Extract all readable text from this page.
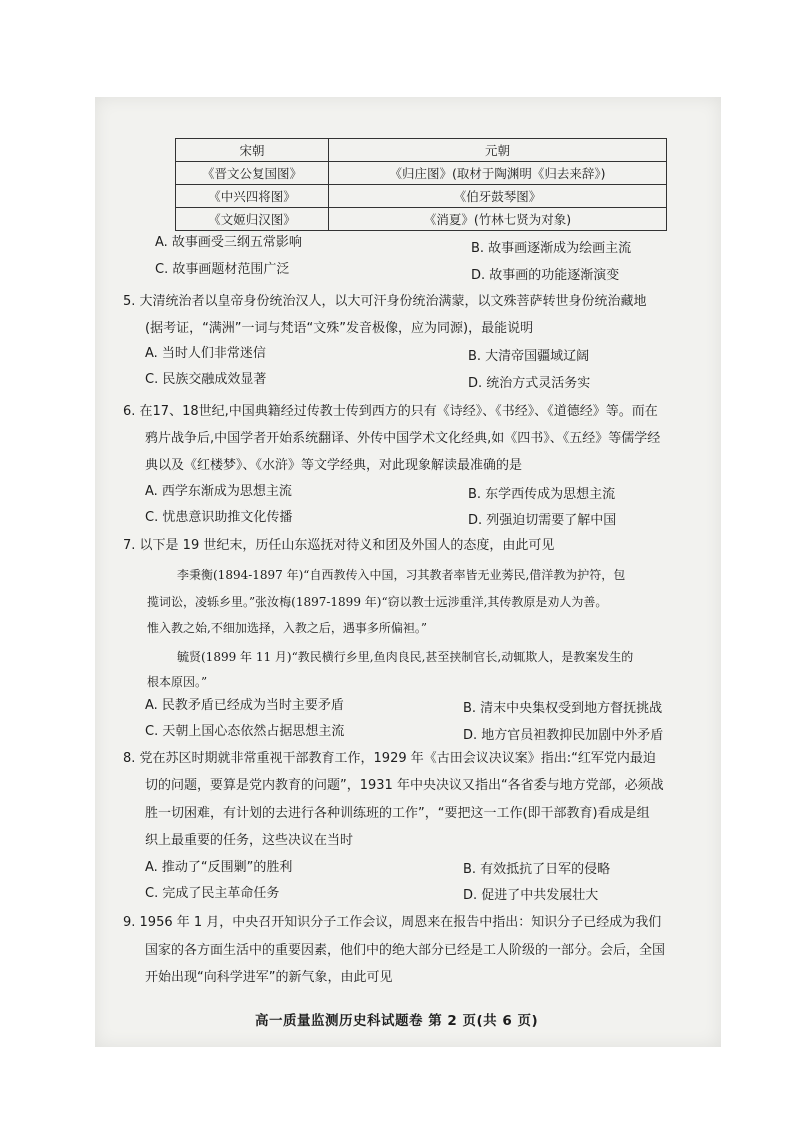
宋朝	元朝
《晋文公复国图》	《归庄图》(取材于陶渊明《归去来辞》)
《中兴四将图》	《伯牙鼓琴图》
《文姬归汉图》	《消夏》(竹林七贤为对象)
A. 故事画受三纲五常影响	B. 故事画逐渐成为绘画主流
C. 故事画题材范围广泛	D. 故事画的功能逐渐演变
5. 大清统治者以皇帝身份统治汉人，以大可汗身份统治满蒙，以文殊菩萨转世身份统治藏地
(据考证，“满洲”一词与梵语“文殊”发音极像，应为同源)，最能说明
A. 当时人们非常迷信	B. 大清帝国疆域辽阔
C. 民族交融成效显著	D. 统治方式灵活务实
6. 在17、18世纪,中国典籍经过传教士传到西方的只有《诗经》、《书经》、《道德经》等。而在
鸦片战争后,中国学者开始系统翻译、外传中国学术文化经典,如《四书》、《五经》等儒学经
典以及《红楼梦》、《水浒》等文学经典，对此现象解读最准确的是
A. 西学东渐成为思想主流	B. 东学西传成为思想主流
C. 忧患意识助推文化传播	D. 列强迫切需要了解中国
7. 以下是 19 世纪末，历任山东巡抚对待义和团及外国人的态度，由此可见
李秉衡(1894-1897 年)“自西教传入中国，习其教者率皆无业莠民,借洋教为护符，包
揽词讼，凌轹乡里。”张汝梅(1897-1899 年)“窃以教士远涉重洋,其传教原是劝人为善。
惟入教之始,不细加选择，入教之后，遇事多所偏袒。”
毓贤(1899 年 11 月)“教民横行乡里,鱼肉良民,甚至挟制官长,动辄欺人，是教案发生的
根本原因。”
A. 民教矛盾已经成为当时主要矛盾	B. 清末中央集权受到地方督抚挑战
C. 天朝上国心态依然占据思想主流	D. 地方官员袒教抑民加剧中外矛盾
8. 党在苏区时期就非常重视干部教育工作，1929 年《古田会议决议案》指出:“红军党内最迫
切的问题，要算是党内教育的问题”，1931 年中央决议又指出“各省委与地方党部，必须战
胜一切困难，有计划的去进行各种训练班的工作”，“要把这一工作(即干部教育)看成是组
织上最重要的任务，这些决议在当时
A. 推动了“反围剿”的胜利	B. 有效抵抗了日军的侵略
C. 完成了民主革命任务	D. 促进了中共发展壮大
9. 1956 年 1 月，中央召开知识分子工作会议，周恩来在报告中指出：知识分子已经成为我们
国家的各方面生活中的重要因素，他们中的绝大部分已经是工人阶级的一部分。会后，全国
开始出现“向科学进军”的新气象，由此可见
高一质量监测历史科试题卷 第 2 页(共 6 页)
